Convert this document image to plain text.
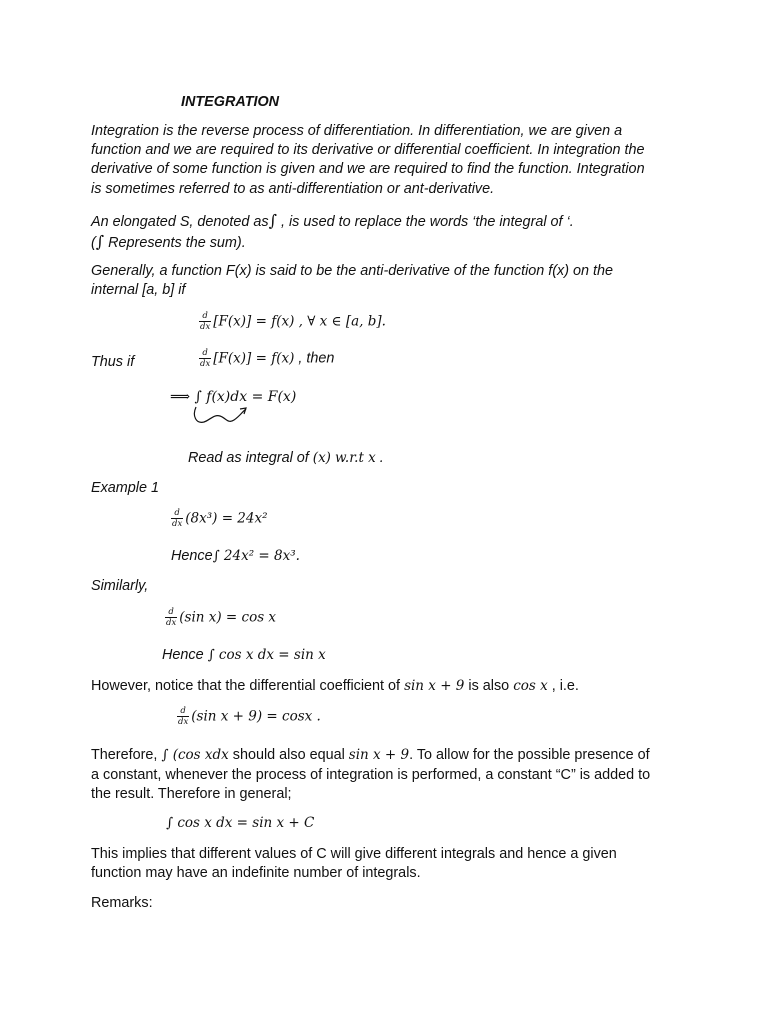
INTEGRATION
Integration is the reverse process of differentiation. In differentiation, we are given a
function and we are required to its derivative or differential coefficient. In integration the
derivative of some function is given and we are required to find the function. Integration
is sometimes referred to as anti-differentiation or ant-derivative.
An elongated S, denoted as∫ , is used to replace the words ‘the integral of ‘.
(∫ Represents the sum).
Generally, a function F(x) is said to be the anti-derivative of the function f(x) on the
internal [a, b] if
$\frac{d}{dx} [F(x)] = f(x)$ , ∀ x ∈ [a, b].
Thus if	$\frac{d}{dx} [F(x)] = f(x)$ , then
⟹ ∫ f(x)dx = F(x)
Read as integral of (x) w.r.t x .
Example 1
$\frac{d}{dx} (8x^3) = 24x^2$
Hence∫ 24x² = 8x³.
Similarly,
$\frac{d}{dx} (\sin$ x) = cos x
Hence ∫ cos x dx = sin x
However, notice that the differential coefficient of sin x + 9 is also cos x , i.e.
$\frac{d}{dx} (\sin$ x + 9) = cosx .
Therefore, ∫ (cos xdx should also equal sin x + 9. To allow for the possible presence of
a constant, whenever the process of integration is performed, a constant “C” is added to
the result. Therefore in general;
∫ cos x dx = sin x + C
This implies that different values of C will give different integrals and hence a given
function may have an indefinite number of integrals.
Remarks:
